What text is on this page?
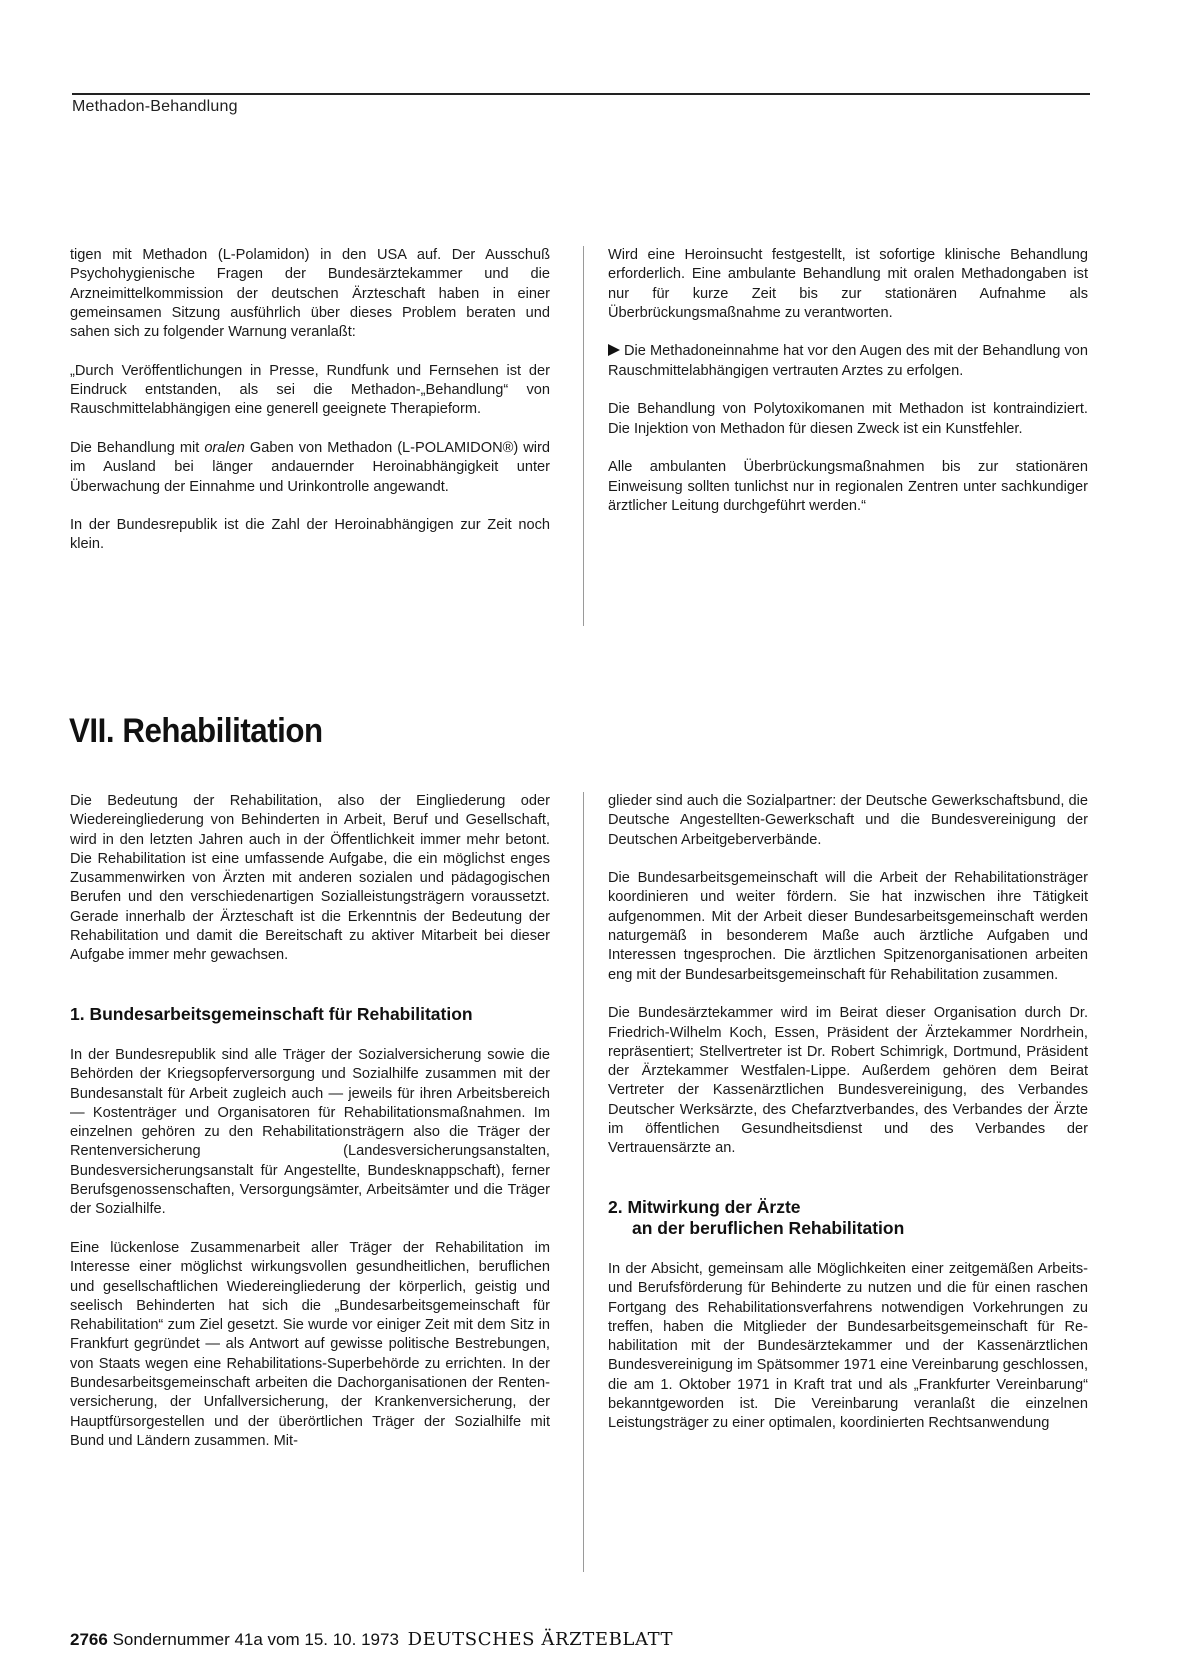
Methadon-Behandlung

tigen mit Methadon (L-Polamidon) in den USA auf. Der Ausschuß Psychohygienische Fragen der Bundesärztekammer und die Arzneimittelkommission der deutschen Ärzteschaft haben in einer gemeinsamen Sitzung ausführlich über dieses Problem beraten und sahen sich zu folgender Warnung veranlaßt:

„Durch Veröffentlichungen in Presse, Rundfunk und Fernsehen ist der Eindruck entstanden, als sei die Methadon-„Behandlung“ von Rauschmittelabhängigen eine generell geeignete Therapieform.

Die Behandlung mit oralen Gaben von Methadon (L-POLAMIDON®) wird im Ausland bei länger andauernder Heroinabhängigkeit unter Überwachung der Einnahme und Urinkontrolle angewandt.

In der Bundesrepublik ist die Zahl der Heroinabhängigen zur Zeit noch klein.

Wird eine Heroinsucht festgestellt, ist sofortige klinische Behandlung erforderlich. Eine ambulante Behandlung mit oralen Methadongaben ist nur für kurze Zeit bis zur stationären Aufnahme als Überbrückungsmaßnahme zu verantworten.

Die Methadoneinnahme hat vor den Augen des mit der Behandlung von Rauschmittelabhängigen vertrauten Arztes zu erfolgen.

Die Behandlung von Polytoxikomanen mit Methadon ist kontraindiziert. Die Injektion von Methadon für diesen Zweck ist ein Kunstfehler.

Alle ambulanten Überbrückungsmaßnahmen bis zur stationären Einweisung sollten tunlichst nur in regionalen Zentren unter sachkundiger ärztlicher Leitung durchgeführt werden.“

VII. Rehabilitation

Die Bedeutung der Rehabilitation, also der Eingliederung oder Wiedereingliederung von Behinderten in Arbeit, Beruf und Gesellschaft, wird in den letzten Jahren auch in der Öffentlichkeit immer mehr betont. Die Rehabilitation ist eine umfassende Aufgabe, die ein möglichst enges Zusammenwirken von Ärzten mit anderen sozialen und pädagogischen Berufen und den verschiedenartigen Sozialleistungsträgern voraussetzt. Gerade innerhalb der Ärzteschaft ist die Erkenntnis der Bedeutung der Rehabilitation und damit die Bereitschaft zu aktiver Mitarbeit bei dieser Aufgabe immer mehr gewachsen.

1. Bundesarbeitsgemeinschaft für Rehabilitation

In der Bundesrepublik sind alle Träger der Sozialversicherung sowie die Behörden der Kriegsopferversorgung und Sozialhilfe zusammen mit der Bundesanstalt für Arbeit zugleich auch — jeweils für ihren Arbeitsbereich — Kostenträger und Organisatoren für Rehabilitationsmaßnahmen. Im einzelnen gehören zu den Rehabilitationsträgern also die Träger der Rentenversicherung (Landesversicherungsanstalten, Bundesversicherungsanstalt für Angestellte, Bundesknappschaft), ferner Berufsgenossenschaften, Versorgungsämter, Arbeitsämter und die Träger der Sozialhilfe.

Eine lückenlose Zusammenarbeit aller Träger der Rehabilitation im Interesse einer möglichst wirkungsvollen gesundheitlichen, beruflichen und gesellschaftlichen Wiedereingliederung der körperlich, geistig und seelisch Behinderten hat sich die „Bundesarbeitsgemeinschaft für Rehabilitation“ zum Ziel gesetzt. Sie wurde vor einiger Zeit mit dem Sitz in Frankfurt gegründet — als Antwort auf gewisse politische Bestrebungen, von Staats wegen eine Rehabilitations-Superbehörde zu errichten. In der Bundesarbeitsgemeinschaft arbeiten die Dachorganisationen der Rentenversicherung, der Unfallversicherung, der Krankenversicherung, der Hauptfürsorgestellen und der überörtlichen Träger der Sozialhilfe mit Bund und Ländern zusammen. Mit-

glieder sind auch die Sozialpartner: der Deutsche Gewerkschaftsbund, die Deutsche Angestellten-Gewerkschaft und die Bundesvereinigung der Deutschen Arbeitgeberverbände.

Die Bundesarbeitsgemeinschaft will die Arbeit der Rehabilitationsträger koordinieren und weiter fördern. Sie hat inzwischen ihre Tätigkeit aufgenommen. Mit der Arbeit dieser Bundesarbeitsgemeinschaft werden naturgemäß in besonderem Maße auch ärztliche Aufgaben und Interessen tngesprochen. Die ärztlichen Spitzenorganisationen arbeiten eng mit der Bundesarbeitsgemeinschaft für Rehabilitation zusammen.

Die Bundesärztekammer wird im Beirat dieser Organisation durch Dr. Friedrich-Wilhelm Koch, Essen, Präsident der Ärztekammer Nordrhein, repräsentiert; Stellvertreter ist Dr. Robert Schimrigk, Dortmund, Präsident der Ärztekammer Westfalen-Lippe. Außerdem gehören dem Beirat Vertreter der Kassenärztlichen Bundesvereinigung, des Verbandes Deutscher Werksärzte, des Chefarztverbandes, des Verbandes der Ärzte im öffentlichen Gesundheitsdienst und des Verbandes der Vertrauensärzte an.

2. Mitwirkung der Ärzte
an der beruflichen Rehabilitation

In der Absicht, gemeinsam alle Möglichkeiten einer zeitgemäßen Arbeits- und Berufsförderung für Behinderte zu nutzen und die für einen raschen Fortgang des Rehabilitationsverfahrens notwendigen Vorkehrungen zu treffen, haben die Mitglieder der Bundesarbeitsgemeinschaft für Rehabilitation mit der Bundesärztekammer und der Kassenärztlichen Bundesvereinigung im Spätsommer 1971 eine Vereinbarung geschlossen, die am 1. Oktober 1971 in Kraft trat und als „Frankfurter Vereinbarung“ bekanntgeworden ist. Die Vereinbarung veranlaßt die einzelnen Leistungsträger zu einer optimalen, koordinierten Rechtsanwendung

2766 Sondernummer 41a vom 15. 10. 1973 DEUTSCHES ÄRZTEBLATT
